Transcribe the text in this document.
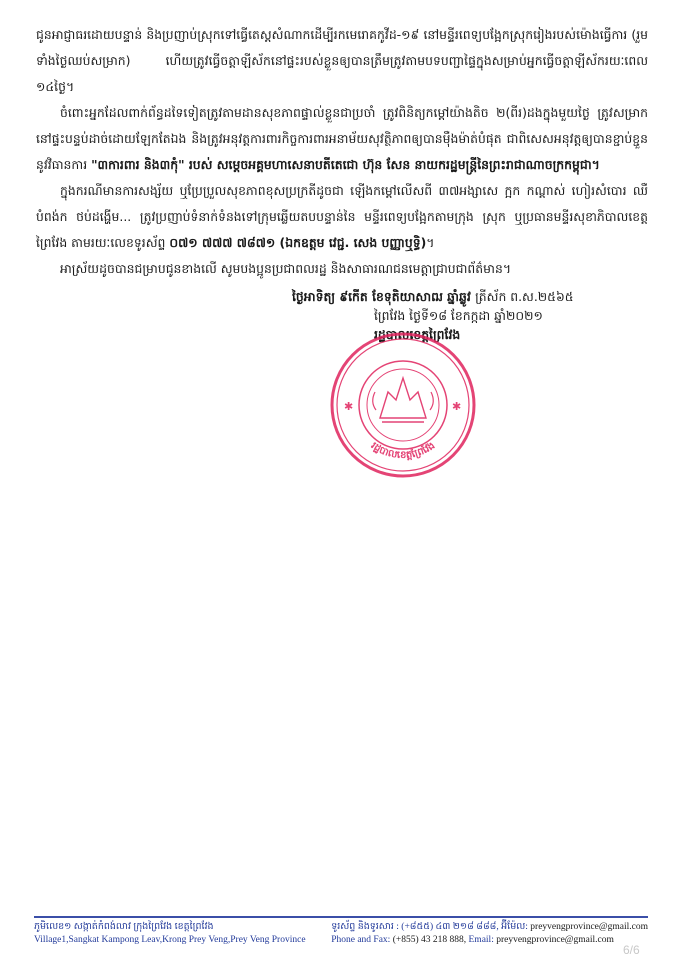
ជូនអាជ្ញាធរដោយបន្ទាន់ និងប្រញាប់ស្រុកទៅធ្វើតេស្តសំណាកដើម្បីរកមេរោគកូវីដ-១៩ នៅមន្ទីរពេទ្យបង្អែកស្រុករៀងរបស់ម៉ោងធ្វើការ (រួមទាំងថ្ងៃឈប់សម្រាក) ហើយត្រូវធ្វើចត្តាឡីស័កនៅផ្ទះរបស់ខ្លួនឲ្យបានត្រឹមត្រូវតាមបទបញ្ជាផ្ទៃក្នុងសម្រាប់អ្នកធ្វើចត្តាឡីស័ករយៈពេល ១៤ថ្ងៃ។

ចំពោះអ្នកដែលពាក់ព័ន្ធដទៃទៀតត្រូវតាមដានសុខភាពផ្ទាល់ខ្លួនជាប្រចាំ ត្រូវពិនិត្យកម្តៅយ៉ាងតិច ២(ពីរ)ដងក្នុងមួយថ្ងៃ ត្រូវសម្រាកនៅផ្ទះបន្ទប់ដាច់ដោយឡែកតែឯង និងត្រូវអនុវត្តការពារកិច្ចការពារអនាម័យសុវត្ថិភាពឲ្យបានម៉ឺងម៉ាត់បំផុត ជាពិសេសអនុវត្តឲ្យបានខ្ជាប់ខ្ជួននូវវិធានការ "៣ការពារ និង៣កុំ" របស់ សម្តេចអគ្គមហាសេនាបតីតេជោ ហ៊ុន សែន នាយករដ្ឋមន្ត្រីនៃព្រះរាជាណាចក្រកម្ពុជា។

ក្នុងករណីមានការសង្ស័យ ឬប្រែប្រួលសុខភាពខុសប្រក្រតីដូចជា ឡើងកម្តៅលើសពី ៣៧អង្សាសេ ក្អក កណ្តាស់ ហៀរសំបោរ ឈឺបំពង់ក ថប់ដង្ហើម... ត្រូវប្រញាប់ទំនាក់ទំនងទៅក្រុមឆ្លើយតបបន្ទាន់នៃ មន្ទីរពេទ្យបង្អែកតាមក្រុង ស្រុក ឬប្រធានមន្ទីរសុខាភិបាលខេត្តព្រៃវែង តាមរយៈលេខទូរស័ព្ទ ០៧១ ៧៧៧ ៧៨៧១ (ឯកឧត្តម វេជ្ជ. សេង បញ្ញាឬទ្ធិ)។

អាស្រ័យដូចបានជម្រាបជូនខាងលើ សូមបងប្អូនប្រជាពលរដ្ឋ និងសាធារណជនមេត្តាជ្រាបជាព័ត៌មាន។

ថ្ងៃអាទិត្យ ៩កើត ខែទុតិយាសាឍ ឆ្នាំឆ្លូវ ត្រីស័ក ព.ស.២៥៦៥
ព្រៃវែង ថ្ងៃទី១៨ ខែកក្កដា ឆ្នាំ២០២១
រដ្ឋបាលខេត្តព្រៃវែង
✱	✱
រដ្ឋបាលខេត្តព្រៃវែង
ភូមិលេខ១ សង្កាត់កំពង់លាវ ក្រុងព្រៃវែង ខេត្តព្រៃវែង
Village1,Sangkat Kampong Leav,Krong Prey Veng,Prey Veng Province
ទូរស័ព្ទ និងទូរសារ : (+៨៥៥) ៤៣ ២១៨ ៨៨៨, អ៊ីម៉ែល: preyvengprovince@gmail.com
Phone and Fax: (+855) 43 218 888, Email: preyvengprovince@gmail.com
6/6
